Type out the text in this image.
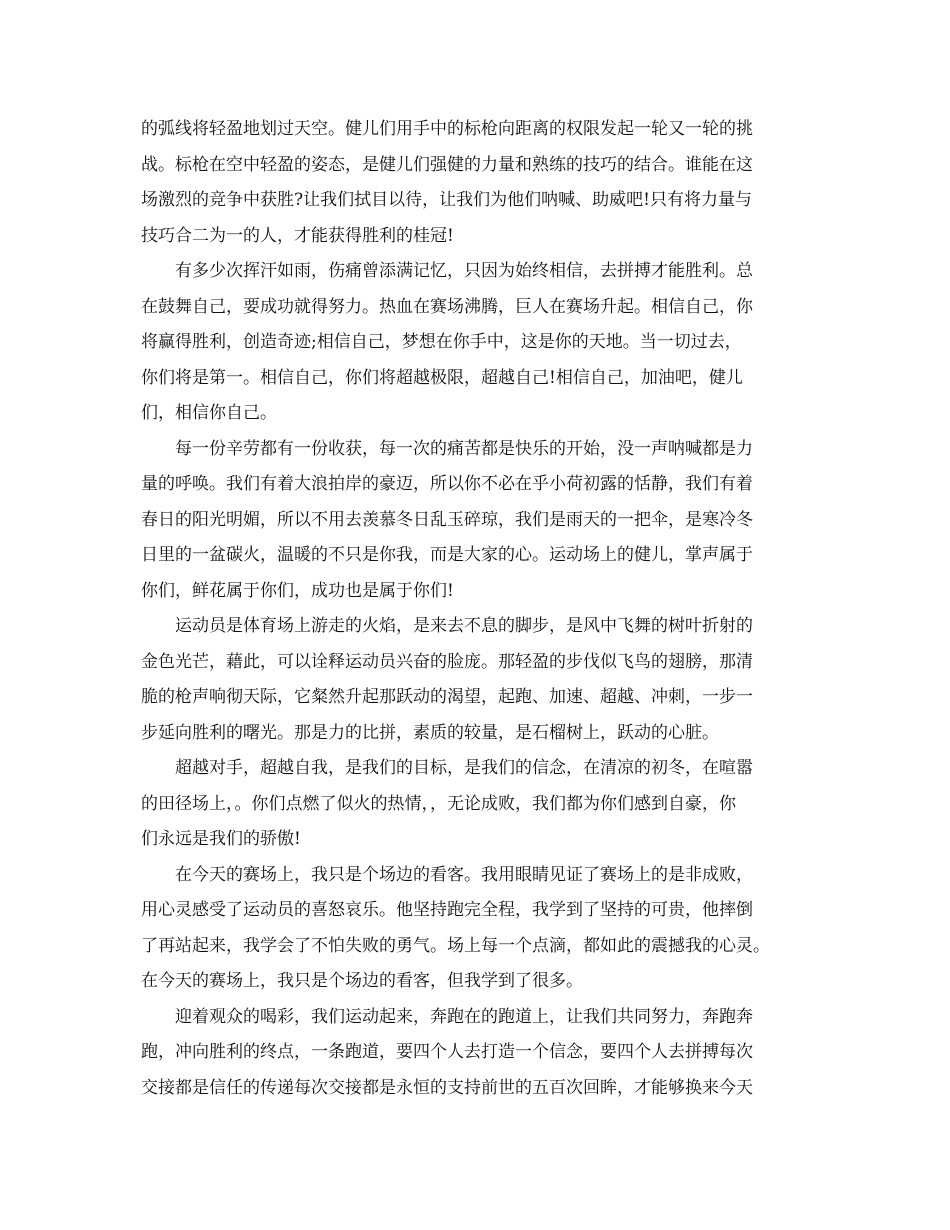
的弧线将轻盈地划过天空。健儿们用手中的标枪向距离的权限发起一轮又一轮的挑
战。标枪在空中轻盈的姿态，是健儿们强健的力量和熟练的技巧的结合。谁能在这
场激烈的竞争中获胜?让我们拭目以待，让我们为他们呐喊、助威吧!只有将力量与
技巧合二为一的人，才能获得胜利的桂冠!
有多少次挥汗如雨，伤痛曾添满记忆，只因为始终相信，去拼搏才能胜利。总
在鼓舞自己，要成功就得努力。热血在赛场沸腾，巨人在赛场升起。相信自己，你
将赢得胜利，创造奇迹;相信自己，梦想在你手中，这是你的天地。当一切过去，
你们将是第一。相信自己，你们将超越极限，超越自己!相信自己，加油吧，健儿
们，相信你自己。
每一份辛劳都有一份收获，每一次的痛苦都是快乐的开始，没一声呐喊都是力
量的呼唤。我们有着大浪拍岸的豪迈，所以你不必在乎小荷初露的恬静，我们有着
春日的阳光明媚，所以不用去羡慕冬日乱玉碎琼，我们是雨天的一把伞，是寒冷冬
日里的一盆碳火，温暖的不只是你我，而是大家的心。运动场上的健儿，掌声属于
你们，鲜花属于你们，成功也是属于你们!
运动员是体育场上游走的火焰，是来去不息的脚步，是风中飞舞的树叶折射的
金色光芒，藉此，可以诠释运动员兴奋的脸庞。那轻盈的步伐似飞鸟的翅膀，那清
脆的枪声响彻天际，它粲然升起那跃动的渴望，起跑、加速、超越、冲刺，一步一
步延向胜利的曙光。那是力的比拼，素质的较量，是石榴树上，跃动的心脏。
超越对手，超越自我，是我们的目标，是我们的信念，在清凉的初冬，在喧嚣
的田径场上，。你们点燃了似火的热情，，无论成败，我们都为你们感到自豪，你
们永远是我们的骄傲!
在今天的赛场上，我只是个场边的看客。我用眼睛见证了赛场上的是非成败，
用心灵感受了运动员的喜怒哀乐。他坚持跑完全程，我学到了坚持的可贵，他摔倒
了再站起来，我学会了不怕失败的勇气。场上每一个点滴，都如此的震撼我的心灵。
在今天的赛场上，我只是个场边的看客，但我学到了很多。
迎着观众的喝彩，我们运动起来，奔跑在的跑道上，让我们共同努力，奔跑奔
跑，冲向胜利的终点，一条跑道，要四个人去打造一个信念，要四个人去拼搏每次
交接都是信任的传递每次交接都是永恒的支持前世的五百次回眸，才能够换来今天
